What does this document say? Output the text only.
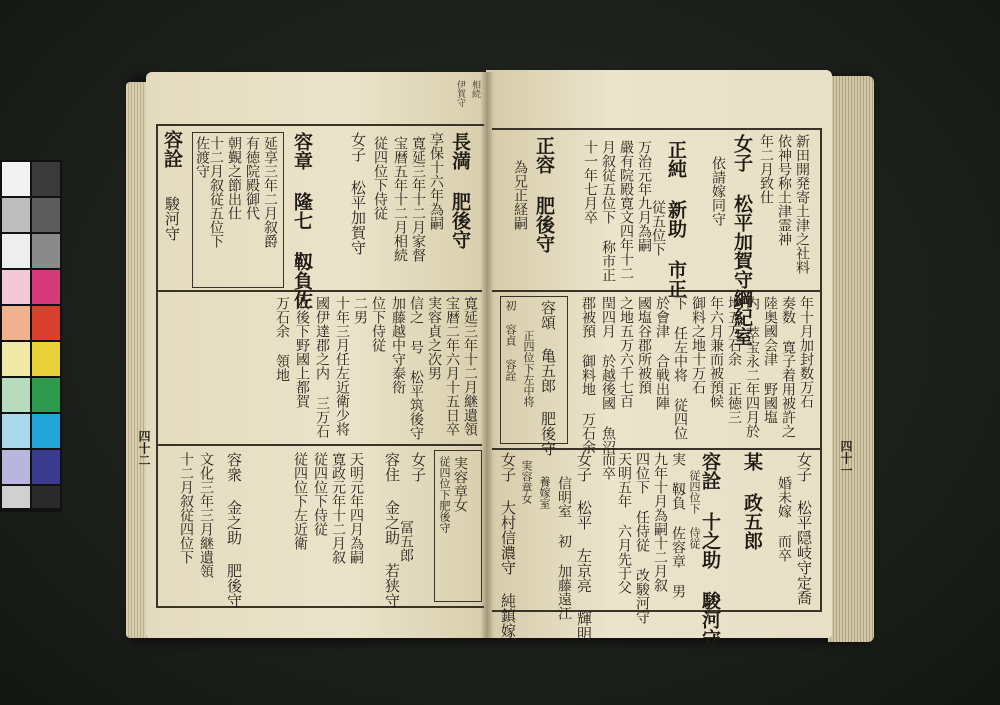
長満 肥後守
享保十六年為嗣
寛延三年十二月家督
宝暦五年十二月相続
従四位下侍従
女子 松平加賀守
容章 隆七 靱負佐
延享三年二月叙爵
有徳院殿御代
朝覲之節出仕
十二月叙従五位下
佐渡守
容詮
駿河守
寛延三年十二月継遺領
宝暦二年六月十五日卒
実容貞之次男
信之 号 松平筑後守
加藤越中守泰衑
位下侍従
二男
十年三月任左近衛少将
國伊達郡之内 三万石
敗後下野國上都賀
万石余 領地
実容章女
従四位下肥後守
女子
容住 金之助 若狭守
冨五郎
天明元年四月為嗣
寛政元年十二月叙
従四位下侍従
従四位下左近衛
容衆 金之助 肥後守
文化三年三月継遺領
十二月叙従四位下
四十二
相続
伊賀守
新田開発寄土津之社料
依神号称土津霊神
年二月致仕
女子 松平加賀守綱紀室
依請嫁同守
正純 新助 市正
従五位下
万治元年九月為嗣
嚴有院殿寛文四年十二
月叙従五位下 称市正
十一年七月卒
正容 肥後守
為兄正経嗣
年十月加封数万石
奏数 寛子着用被許之
陸奥國会津 野國塩
内 萃宝永二年四月於
地五万石余 正徳三
年六月兼而被預候
御料之地十万石
下 任左中将 従四位
於會津 合戦出陣
國塩谷郡所被預
之地五万六千七百
閏四月 於越後國 魚沼
郡被預 御料地 万石余
容頌 亀五郎 肥後守
正四位下左中将
初 容貞 容詮
女子 松平隠岐守定喬
婚未嫁 而卒
某 政五郎
容詮 十之助 駿河守
従四位下 侍従
実 靱負 佐容章 男
九年十月為嗣十二月叙
四位下 任侍従 改駿河守
天明五年 六月先于父
而卒
女子 松平 左京亮 輝明
信明室 初 加藤遠江
養嫁室
実容章女
女子 大村信濃守 純鎮嫁	四十一
